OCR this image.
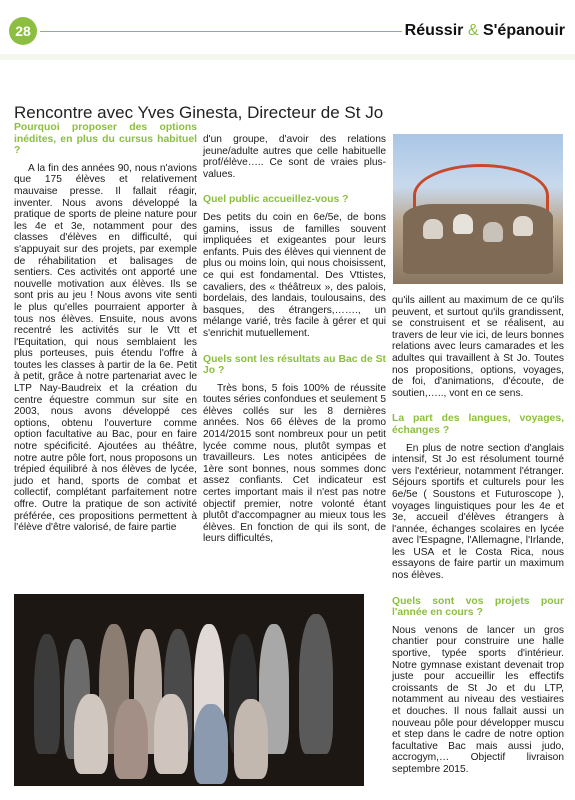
28	Réussir & S'épanouir
Rencontre avec Yves Ginesta, Directeur de St Jo
Pourquoi proposer des options inédites, en plus du cursus habituel ?

A la fin des années 90, nous n'avions que 175 élèves et relativement mauvaise presse. Il fallait réagir, inventer. Nous avons développé la pratique de sports de pleine nature pour les 4e et 3e, notamment pour des classes d'élèves en difficulté, qui s'appuyait sur des projets, par exemple de réhabilitation et balisages de sentiers. Ces activités ont apporté une nouvelle motivation aux élèves. Ils se sont pris au jeu ! Nous avons vite senti le plus qu'elles pourraient apporter à tous nos élèves. Ensuite, nous avons recentré les activités sur le Vtt et l'Equitation, qui nous semblaient les plus porteuses, puis étendu l'offre à toutes les classes à partir de la 6e. Petit à petit, grâce à notre partenariat avec le LTP Nay-Baudreix et la création du centre équestre commun sur site en 2003, nous avons développé ces options, obtenu l'ouverture comme option facultative au Bac, pour en faire notre spécificité. Ajoutées au théâtre, notre autre pôle fort, nous proposons un trépied équilibré à nos élèves de lycée, judo et hand, sports de combat et collectif, complétant parfaitement notre offre. Outre la pratique de son activité préférée, ces propositions permettent à l'élève d'être valorisé, de faire partie

d'un groupe, d'avoir des relations jeune/adulte autres que celle habituelle prof/élève….. Ce sont de vraies plus-values.

Quel public accueillez-vous ?

Des petits du coin en 6e/5e, de bons gamins, issus de familles souvent impliquées et exigeantes pour leurs enfants. Puis des élèves qui viennent de plus ou moins loin, qui nous choisissent, ce qui est fondamental. Des Vttistes, cavaliers, des « théâtreux », des palois, bordelais, des landais, toulousains, des basques, des étrangers,……., un mélange varié, très facile à gérer et qui s'enrichit mutuellement.

Quels sont les résultats au Bac de St Jo ?

Très bons, 5 fois 100% de réussite toutes séries confondues et seulement 5 élèves collés sur les 8 dernières années. Nos 66 élèves de la promo 2014/2015 sont nombreux pour un petit lycée comme nous, plutôt sympas et travailleurs. Les notes anticipées de 1ère sont bonnes, nous sommes donc assez confiants. Cet indicateur est certes important mais il n'est pas notre objectif premier, notre volonté étant plutôt d'accompagner au mieux tous les élèves. En fonction de qui ils sont, de leurs difficultés,

qu'ils aillent au maximum de ce qu'ils peuvent, et surtout qu'ils grandissent, se construisent et se réalisent, au travers de leur vie ici, de leurs bonnes relations avec leurs camarades et les adultes qui travaillent à St Jo. Toutes nos propositions, options, voyages, de foi, d'animations, d'écoute, de soutien,….., vont en ce sens.

La part des langues, voyages, échanges ?

En plus de notre section d'anglais intensif, St Jo est résolument tourné vers l'extérieur, notamment l'étranger. Séjours sportifs et culturels pour les 6e/5e ( Soustons et Futuroscope ), voyages linguistiques pour les 4e et 3e, accueil d'élèves étrangers à l'année, échanges scolaires en lycée avec l'Espagne, l'Allemagne, l'Irlande, les USA et le Costa Rica, nous essayons de faire partir un maximum nos élèves.

Quels sont vos projets pour l'année en cours ?

Nous venons de lancer un gros chantier pour construire une halle sportive, typée sports d'intérieur. Notre gymnase existant devenait trop juste pour accueillir les effectifs croissants de St Jo et du LTP, notamment au niveau des vestiaires et douches. Il nous fallait aussi un nouveau pôle pour développer muscu et step dans le cadre de notre option facultative Bac mais aussi judo, accrogym,… Objectif livraison septembre 2015.
